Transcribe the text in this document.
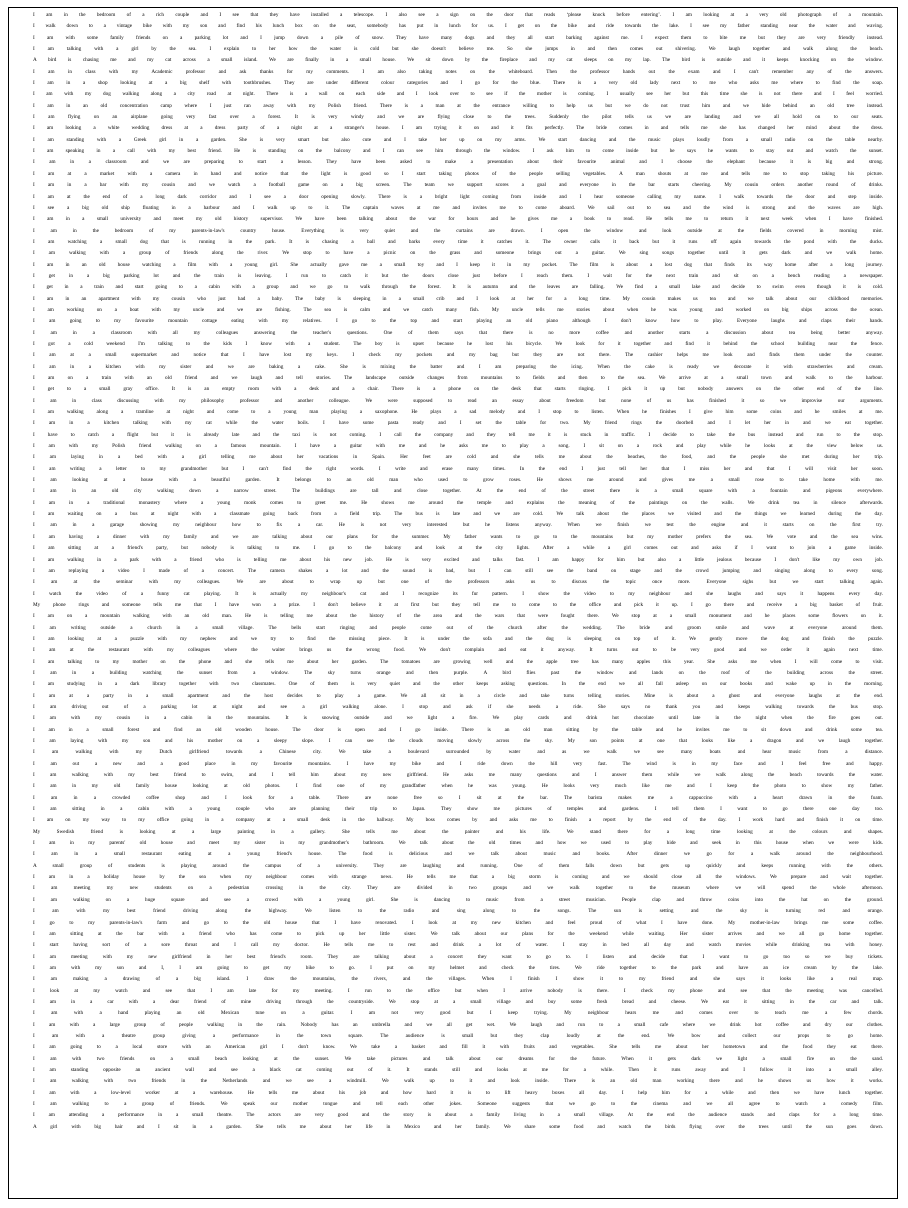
I am in the bedroom of a rich couple and I see that they have installed a telescope. I also see a sign on the door that reads ‘please knock before entering’. I am looking at a very old photograph of a mountain.
I walk down to a vintage bike with my son and find his lunch box on the seat, somebody has put in lunch for us. I get on the bike and ride towards the lake. I see my father standing near the water and waving.
I am with some family friends on a parking lot and I jump down a pile of snow. They have many dogs and they all start barking against me. I expect them to bite me but they are very friendly instead.
I am talking with a girl by the sea. I explain to her how the water is cold but she doesn't believe me. So she jumps in and then comes out shivering. We laugh together and walk along the beach.
A bird is chasing me and my cat across a small island. We are finally in a small house. We sit down by the fireplace and my cat sleeps on my lap. The bird is outside and it keeps knocking on the window.
I am in class with my Academic professor and ask thanks for my comments. I am also taking notes on the whiteboard. Then the professor hands out the exam and I can't remember any of the answers.
I am in a shop looking at a big shelf with toothbrushes. They are under different colour categories and I go for the blue. There is a very old lady next to me who asks me where to find the soap.
I am with my dog walking along a city road at night. There is a wall on each side and I look over to see if the mother is coming. I usually see her but this time she is not there and I feel worried.
I am in an old concentration camp where I just ran away with my Polish friend. There is a man at the entrance willing to help us but we do not trust him and we hide behind an old tree instead.
I am flying on an airplane going very fast over a forest. It is very windy and we are flying close to the trees. Suddenly the pilot tells us we are landing and we all hold on to our seats.
I am looking a white wedding dress at a dress party of a night at a stranger's house. I am trying it on and it fits perfectly. The bride comes in and tells me she has changed her mind about the dress.
I am standing with a Greek girl in a garden. She is very smart but also cute and I take her up on my arms. We start dancing and the music plays loudly from a small radio on the table nearby.
I am speaking in a call with my best friend. He is standing on the balcony and I can see him through the window. I ask him to come inside but he says he wants to stay out and watch the sunset.
I am in a classroom and we are preparing to start a lesson. They have been asked to make a presentation about their favourite animal and I choose the elephant because it is big and strong.
I am at a market with a camera in hand and notice that the light is good so I start taking photos of the people selling vegetables. A man shouts at me and tells me to stop taking his picture.
I am in a bar with my cousin and we watch a football game on a big screen. The team we support scores a goal and everyone in the bar starts cheering. My cousin orders another round of drinks.
I am at the end of a long dark corridor and I see a door opening slowly. There is a bright light coming from inside and I hear someone calling my name. I walk towards the door and step inside.
I see a big old ship floating in a harbour and I walk up to it. The captain waves at me and invites me to come aboard. We sail out to sea and the wind is strong and the waves are high.
I am in a small university and meet my old history supervisor. We have been talking about the war for hours and he gives me a book to read. He tells me to return it next week when I have finished.
I am in the bedroom of my parents-in-law's country house. Everything is very quiet and the curtains are drawn. I open the window and look outside at the fields covered in morning mist.
I am watching a small dog that is running in the park. It is chasing a ball and barks every time it catches it. The owner calls it back but it runs off again towards the pond with the ducks.
I am walking with a group of friends along the river. We stop to have a picnic on the grass and someone brings out a guitar. We sing songs together until it gets dark and we walk home.
I am in an old house watching a film with a young girl. She actually gave me a small toy and I keep it in my pocket. The film is about a lost dog that finds its way home after a long journey.
I get in a big parking lot and the train is leaving. I run to catch it but the doors close just before I reach them. I wait for the next train and sit on a bench reading a newspaper.
I get in a train and start going to a cabin with a group and we go to walk through the forest. It is autumn and the leaves are falling. We find a small lake and decide to swim even though it is cold.
I am in an apartment with my cousin who just had a baby. The baby is sleeping in a small crib and I look at her for a long time. My cousin makes us tea and we talk about our childhood memories.
I am working on a boat with my uncle and we are fishing. The sea is calm and we catch many fish. My uncle tells me stories about when he was young and worked on big ships across the ocean.
I am going to my favourite mountain cottage eating with my relatives. I go to the top and start playing an old piano although I don't know how to play. Everyone laughs and claps their hands.
I am in a classroom with all my colleagues answering the teacher's questions. One of them says that there is no more coffee and another starts a discussion about tea being better anyway.
I got a cold weekend I'm talking to the kids I know with a student. The boy is upset because he lost his bicycle. We look for it together and find it behind the school building near the fence.
I am at a small supermarket and notice that I have lost my keys. I check my pockets and my bag but they are not there. The cashier helps me look and finds them under the counter.
I am in a kitchen with my sister and we are baking a cake. She is mixing the batter and I am preparing the icing. When the cake is ready we decorate it with strawberries and cream.
I am on a train with an old friend and we laugh and tell stories. The landscape outside changes from mountains to fields and then to the sea. We arrive at a small town and walk to the harbour.
I get to a small gray office. It is an empty room with a desk and a chair. There is a phone on the desk that starts ringing. I pick it up but nobody answers on the other end of the line.
I am in class discussing with my philosophy professor and another colleague. We were supposed to read an essay about freedom but none of us has finished it so we improvise our arguments.
I am walking along a tramline at night and come to a young man playing a saxophone. He plays a sad melody and I stop to listen. When he finishes I give him some coins and he smiles at me.
I am in a kitchen talking with my cat while the water boils. I have some pasta ready and I set the table for two. My friend rings the doorbell and I let her in and we eat together.
I have to catch a flight but it is already late and the taxi is not coming. I call the company and they tell me it is stuck in traffic. I decide to take the bus instead and run to the stop.
I am with my Polish friend walking on a famous mountain. I have a guitar with me and he asks me to play a song. I sit on a rock and play while he looks at the view below us.
I am laying in a bed with a girl telling me about her vacations in Spain. Her feet are cold and she tells me about the beaches, the food, and the people she met during her trip.
I am writing a letter to my grandmother but I can't find the right words. I write and erase many times. In the end I just tell her that I miss her and that I will visit her soon.
I am looking at a house with a beautiful garden. It belongs to an old man who used to grow roses. He shows me around and gives me a small rose to take home with me.
I am in an old city walking down a narrow street. The buildings are tall and close together. At the end of the street there is a small square with a fountain and pigeons everywhere.
I am in a traditional monastery where a young monk comes to greet me. He shows me around the temple and explains the meaning of the paintings on the walls. We drink tea in silence afterwards.
I am waiting on a bus at night with a classmate going back from a field trip. The bus is late and we are cold. We talk about the places we visited and the things we learned during the day.
I am in a garage showing my neighbour how to fix a car. He is not very interested but he listens anyway. When we finish we test the engine and it starts on the first try.
I am having a dinner with my family and we are talking about our plans for the summer. My father wants to go to the mountains but my mother prefers the sea. We vote and the sea wins.
I am sitting at a friend's party, but nobody is talking to me. I go to the balcony and look at the city lights. After a while a girl comes out and asks if I want to join a game inside.
I am walking in a park with a friend who is telling me about his new job. He is very excited and talks fast. I am happy for him but also a little jealous because I don't like my own job.
I am replaying a video I made of a concert. The camera shakes a lot and the sound is bad, but I can still see the band on stage and the crowd jumping and singing along to every song.
I am at the seminar with my colleagues. We are about to wrap up but one of the professors asks us to discuss the topic once more. Everyone sighs but we start talking again.
I watch the video of a funny cat playing. It is actually my neighbour's cat and I recognize its fur pattern. I show the video to my neighbour and she laughs and says it happens every day.
My phone rings and someone tells me that I have won a prize. I don't believe it at first but they tell me to come to the office and pick it up. I go there and receive a big basket of fruit.
I am on a mountain walking with an old man. He is telling me about the history of the area and the wars that were fought there. We stop at a small monument and he places some flowers on it.
I am writing outside a church in a small village. The bells start ringing and people come out of the church after the wedding. The bride and groom smile and wave at everyone around them.
I am looking at a puzzle with my nephew and we try to find the missing piece. It is under the sofa and the dog is sleeping on top of it. We gently move the dog and finish the puzzle.
I am at the restaurant with my colleagues where the waiter brings us the wrong food. We don't complain and eat it anyway. It turns out to be very good and we order it again next time.
I am talking to my mother on the phone and she tells me about her garden. The tomatoes are growing well and the apple tree has many apples this year. She asks me when I will come to visit.
I am in a building watching the sunset from a window. The sky turns orange and then purple. A bird flies past the window and lands on the roof of the building across the street.
I am studying in a dark library together with two classmates. One of them is very quiet and the other keeps asking questions. In the end we all fall asleep on our books and wake up in the morning.
I am at a party in a small apartment and the host decides to play a game. We all sit in a circle and take turns telling stories. Mine is about a ghost and everyone laughs at the end.
I am driving out of a parking lot at night and see a girl walking alone. I stop and ask if she needs a ride. She says no thank you and keeps walking towards the bus stop.
I am with my cousin in a cabin in the mountains. It is snowing outside and we light a fire. We play cards and drink hot chocolate until late in the night when the fire goes out.
I am in a small forest and find an old wooden house. The door is open and I go inside. There is an old man sitting by the table and he invites me to sit down and drink some tea.
I am laying with my son and his mother on a sleepy slope. I can see the clouds moving slowly across the sky. My son points at one that looks like a dragon and we laugh together.
I am walking with my Dutch girlfriend towards a Chinese city. We take a boulevard surrounded by water and as we walk we see many boats and hear music from a distance.
I am out a new and a good place in my favourite mountains. I have my bike and I ride down the hill very fast. The wind is in my face and I feel free and happy.
I am walking with my best friend to swim, and I tell him about my new girlfriend. He asks me many questions and I answer them while we walk along the beach towards the water.
I am in my old family house looking at old photos. I find one of my grandfather when he was young. He looks very much like me and I keep the photo to show my father.
I am in a crowded coffee shop and I look for a table. There are none free so I sit at the bar. The barista makes me a cappuccino with a heart drawn in the foam.
I am sitting in a cabin with a young couple who are planning their trip to Japan. They show me pictures of temples and gardens. I tell them I want to go there one day too.
I am on my way to my office going in a company at a small desk in the hallway. My boss comes by and asks me to finish a report by the end of the day. I work hard and finish it on time.
My Swedish friend is looking at a large painting in a gallery. She tells me about the painter and his life. We stand there for a long time looking at the colours and shapes.
I am in my parents' old house and meet my sister in my grandmother's bathroom. We talk about the old times and how we used to play hide and seek in this house when we were kids.
I am in a small restaurant eating at a young friend's house. The food is delicious and we talk about music and books. After dinner we go for a walk around the neighbourhood.
A small group of students is playing around the campus of a university. They are laughing and running. One of them falls down but gets up quickly and keeps running with the others.
I am in a holiday house by the sea when my neighbour comes with strange news. He tells me that a big storm is coming and we should close all the windows. We prepare and wait together.
I am meeting my new students on a pedestrian crossing in the city. They are divided in two groups and we walk together to the museum where we will spend the whole afternoon.
I am walking on a huge square and see a crowd with a young girl. She is dancing to music from a street musician. People clap and throw coins into the hat on the ground.
I am with my best friend driving along the highway. We listen to the radio and sing along to the songs. The sun is setting and the sky is turning red and orange.
I go to my parents-in-law's farm and go to the old house that I have renovated. I look at my new kitchen and feel proud of what I have done. My mother-in-law brings me some coffee.
I am sitting at the bar with a friend who has come to pick up her little sister. We talk about our plans for the weekend while waiting. Her sister arrives and we all go home together.
I start having sort of a sore throat and I call my doctor. He tells me to rest and drink a lot of water. I stay in bed all day and watch movies while drinking tea with honey.
I am meeting with my new girlfriend in her best friend's room. They are talking about a concert they want to go to. I listen and decide that I want to go too so we buy tickets.
I am with my son and I, I am going to get my bike to go. I put on my helmet and check the tires. We ride together to the park and have an ice cream by the lake.
I am making a drawing of a big island. I draw the mountains, the rivers, and the villages. When I finish I show it to my friend and she says it looks like a real map.
I look at my watch and see that I am late for my meeting. I run to the office but when I arrive nobody is there. I check my phone and see that the meeting was cancelled.
I am in a car with a dear friend of mine driving through the countryside. We stop at a small village and buy some fresh bread and cheese. We eat it sitting in the car and talk.
I am with a hand playing an old Mexican tune on a guitar. I am not very good but I keep trying. My neighbour hears me and comes over to teach me a few chords.
I am with a large group of people walking in the rain. Nobody has an umbrella and we all get wet. We laugh and run to a small cafe where we drink hot coffee and dry our clothes.
I am with a theatre group giving a performance in the town square. The audience is small but they clap loudly at the end. We bow and collect our props to go home.
I am going to a local store with an American girl I don't know. We take a basket and fill it with fruits and vegetables. She tells me about her hometown and the food they eat there.
I am with two friends on a small beach looking at the sunset. We take pictures and talk about our dreams for the future. When it gets dark we light a small fire on the sand.
I am standing opposite an ancient wall and see a black cat coming out of it. It stands still and looks at me for a while. Then it runs away and I follow it into a small alley.
I am walking with two friends in the Netherlands and we see a windmill. We walk up to it and look inside. There is an old man working there and he shows us how it works.
I am with a low-level worker at a warehouse. He tells me about his job and how hard it is to lift heavy boxes all day. I help him for a while and then we have lunch together.
I am walking to a group of friends. We speak our mother tongue and tell each other jokes. Someone suggests that we go to the cinema and we all agree to watch a comedy film.
I am attending a performance in a small theatre. The actors are very good and the story is about a family living in a small village. At the end the audience stands and claps for a long time.
A girl with big hair and I sit in a garden. She tells me about her life in Mexico and her family. We share some food and watch the birds flying over the trees until the sun goes down.
